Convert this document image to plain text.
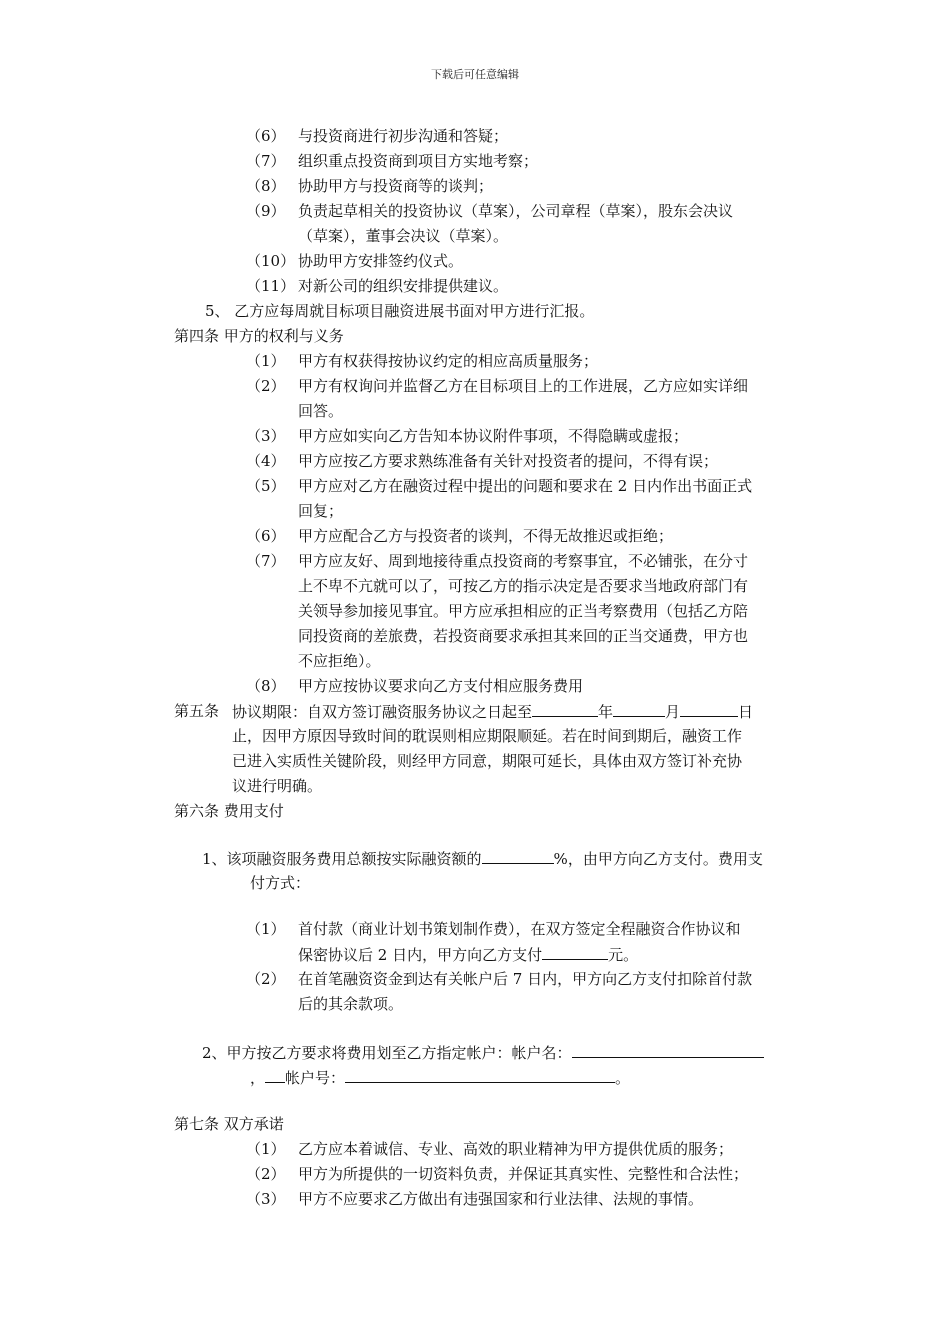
下载后可任意编辑
（6） 与投资商进行初步沟通和答疑；
（7） 组织重点投资商到项目方实地考察；
（8） 协助甲方与投资商等的谈判；
（9） 负责起草相关的投资协议（草案），公司章程（草案），股东会决议
（草案），董事会决议（草案）。
（10） 协助甲方安排签约仪式。
（11） 对新公司的组织安排提供建议。
5、 乙方应每周就目标项目融资进展书面对甲方进行汇报。
第四条 甲方的权利与义务
（1） 甲方有权获得按协议约定的相应高质量服务；
（2） 甲方有权询问并监督乙方在目标项目上的工作进展，乙方应如实详细
回答。
（3） 甲方应如实向乙方告知本协议附件事项，不得隐瞒或虚报；
（4） 甲方应按乙方要求熟练准备有关针对投资者的提问，不得有误；
（5） 甲方应对乙方在融资过程中提出的问题和要求在 2 日内作出书面正式
回复；
（6） 甲方应配合乙方与投资者的谈判，不得无故推迟或拒绝；
（7） 甲方应友好、周到地接待重点投资商的考察事宜，不必铺张，在分寸
上不卑不亢就可以了，可按乙方的指示决定是否要求当地政府部门有
关领导参加接见事宜。甲方应承担相应的正当考察费用（包括乙方陪
同投资商的差旅费，若投资商要求承担其来回的正当交通费，甲方也
不应拒绝）。
（8） 甲方应按协议要求向乙方支付相应服务费用
第五条 协议期限：自双方签订融资服务协议之日起至	年	月	日
止，因甲方原因导致时间的耽误则相应期限顺延。若在时间到期后，融资工作
已进入实质性关键阶段，则经甲方同意，期限可延长，具体由双方签订补充协
议进行明确。
第六条 费用支付
1、该项融资服务费用总额按实际融资额的	%，由甲方向乙方支付。费用支
付方式：
（1） 首付款（商业计划书策划制作费），在双方签定全程融资合作协议和
保密协议后 2 日内，甲方向乙方支付	元。
（2） 在首笔融资资金到达有关帐户后 7 日内，甲方向乙方支付扣除首付款
后的其余款项。
2、甲方按乙方要求将费用划至乙方指定帐户：帐户名：
， 帐户号：	。
第七条 双方承诺
（1） 乙方应本着诚信、专业、高效的职业精神为甲方提供优质的服务；
（2） 甲方为所提供的一切资料负责，并保证其真实性、完整性和合法性；
（3） 甲方不应要求乙方做出有违强国家和行业法律、法规的事情。
